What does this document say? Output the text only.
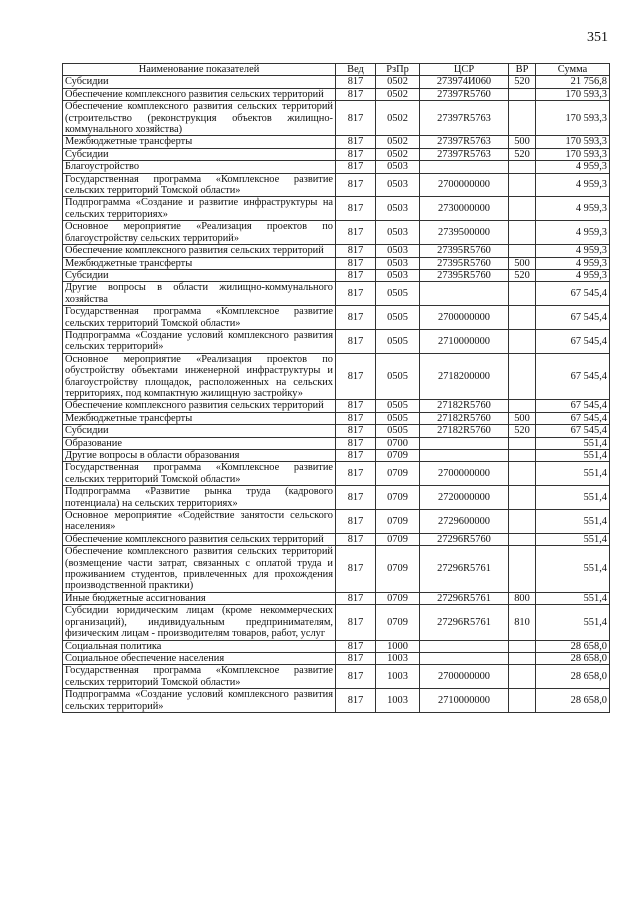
351
Наименование показателей	Вед	РзПр	ЦСР	ВР	Сумма
Субсидии	817	0502	273974И060	520	21 756,8
Обеспечение комплексного развития сельских территорий	817	0502	27397R5760		170 593,3
Обеспечение комплексного развития сельских территорий (строительство (реконструкция объектов жилищно-коммунального хозяйства)	817	0502	27397R5763		170 593,3
Межбюджетные трансферты	817	0502	27397R5763	500	170 593,3
Субсидии	817	0502	27397R5763	520	170 593,3
Благоустройство	817	0503			4 959,3
Государственная программа «Комплексное развитие сельских территорий Томской области»	817	0503	2700000000		4 959,3
Подпрограмма «Создание и развитие инфраструктуры на сельских территориях»	817	0503	2730000000		4 959,3
Основное мероприятие «Реализация проектов по благоустройству сельских территорий»	817	0503	2739500000		4 959,3
Обеспечение комплексного развития сельских территорий	817	0503	27395R5760		4 959,3
Межбюджетные трансферты	817	0503	27395R5760	500	4 959,3
Субсидии	817	0503	27395R5760	520	4 959,3
Другие вопросы в области жилищно-коммунального хозяйства	817	0505			67 545,4
Государственная программа «Комплексное развитие сельских территорий Томской области»	817	0505	2700000000		67 545,4
Подпрограмма «Создание условий комплексного развития сельских территорий»	817	0505	2710000000		67 545,4
Основное мероприятие «Реализация проектов по обустройству объектами инженерной инфраструктуры и благоустройству площадок, расположенных на сельских территориях, под компактную жилищную застройку»	817	0505	2718200000		67 545,4
Обеспечение комплексного развития сельских территорий	817	0505	27182R5760		67 545,4
Межбюджетные трансферты	817	0505	27182R5760	500	67 545,4
Субсидии	817	0505	27182R5760	520	67 545,4
Образование	817	0700			551,4
Другие вопросы в области образования	817	0709			551,4
Государственная программа «Комплексное развитие сельских территорий Томской области»	817	0709	2700000000		551,4
Подпрограмма «Развитие рынка труда (кадрового потенциала) на сельских территориях»	817	0709	2720000000		551,4
Основное мероприятие «Содействие занятости сельского населения»	817	0709	2729600000		551,4
Обеспечение комплексного развития сельских территорий	817	0709	27296R5760		551,4
Обеспечение комплексного развития сельских территорий (возмещение части затрат, связанных с оплатой труда и проживанием студентов, привлеченных для прохождения производственной практики)	817	0709	27296R5761		551,4
Иные бюджетные ассигнования	817	0709	27296R5761	800	551,4
Субсидии юридическим лицам (кроме некоммерческих организаций), индивидуальным предпринимателям, физическим лицам - производителям товаров, работ, услуг	817	0709	27296R5761	810	551,4
Социальная политика	817	1000			28 658,0
Социальное обеспечение населения	817	1003			28 658,0
Государственная программа «Комплексное развитие сельских территорий Томской области»	817	1003	2700000000		28 658,0
Подпрограмма «Создание условий комплексного развития сельских территорий»	817	1003	2710000000		28 658,0
